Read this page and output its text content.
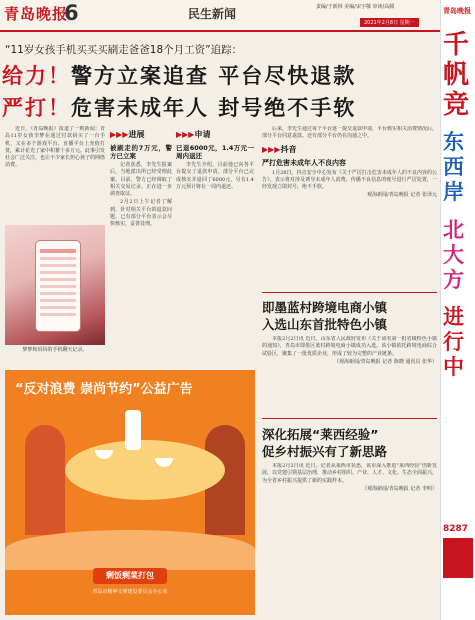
青岛晚报
6	民生新闻	责编/于新林 美编/宋宇敬 审读/高腾
2021年2月8日 星期一
“11岁女孩手机买买买刷走爸爸18个月工资”追踪：
给力！警方立案追查 平台尽快退款
严打！危害未成年人 封号绝不手软

近日，《青岛晚报》报道了一则新闻：青岛11岁女孩李梦在通过付款码买了一台手机，又在多个游戏平台、直播平台上充值打赏，累计花光了家中积蓄十多万元。此事引发社会广泛关注，也让不少家长担心孩子的网络消费。

梦梦和妈妈的手机聊天记录。
▶▶▶进展
被刷走的7万元，警方已立案

记者获悉，李先生报案后，当地派出所已经受理此案。目前，警方已经调取了相关交易记录，正在进一步调查取证。

2月2日上午记者了解到，针对相关平台的退款问题，已有部分平台表示会尽快核实，妥善处理。

▶▶▶申请
已退6000元，1.4万元一周内退还

李先生介绍，目前他已向各平台提交了退款申请，部分平台已完成核实并退回了6000元，另有1.4万元预计将在一周内退还。

后来，李先生通过每个平台逐一提交退款申请，平台核实相关消费情况后，部分平台同意退款。还有部分平台仍在沟通之中。

▶▶▶抖音
严打危害未成年人不良内容

1月28日，抖音安全中心发布《关于严厉打击危害未成年人的不良内容的公告》，表示将对涉及诱导未成年人消费、传播不良信息的账号进行严厉处置，一经发现立即封号，绝不手软。

观海新闻/青岛晚报 记者 张译元

“反对浪费 崇尚节约”公益广告
剩饭剩菜打包
青岛市精神文明建设委员会办公室
即墨蓝村跨境电商小镇
入选山东首批特色小镇

本报2月2日讯 近日，山东省人民政府发布《关于命名第一批省级特色小镇的通知》，青岛市即墨区蓝村跨境电商小镇成功入选。该小镇依托跨境电商综合试验区，聚集了一批优质企业，形成了较为完整的产业链条。

（观海新闻/青岛晚报 记者 陈晓 通讯员 张华）

深化拓展“莱西经验”
促乡村振兴有了新思路

本报2月2日讯 近日，记者从莱西市获悉，该市深入推进“莱西经验”创新发展，以党建引领基层治理，推动乡村组织、产业、人才、文化、生态全面振兴，为全省乡村振兴提供了新的实践样本。

（观海新闻/青岛晚报 记者 李明）

青岛晚报
千帆竞
东西岸
北大方
进行中
8287
